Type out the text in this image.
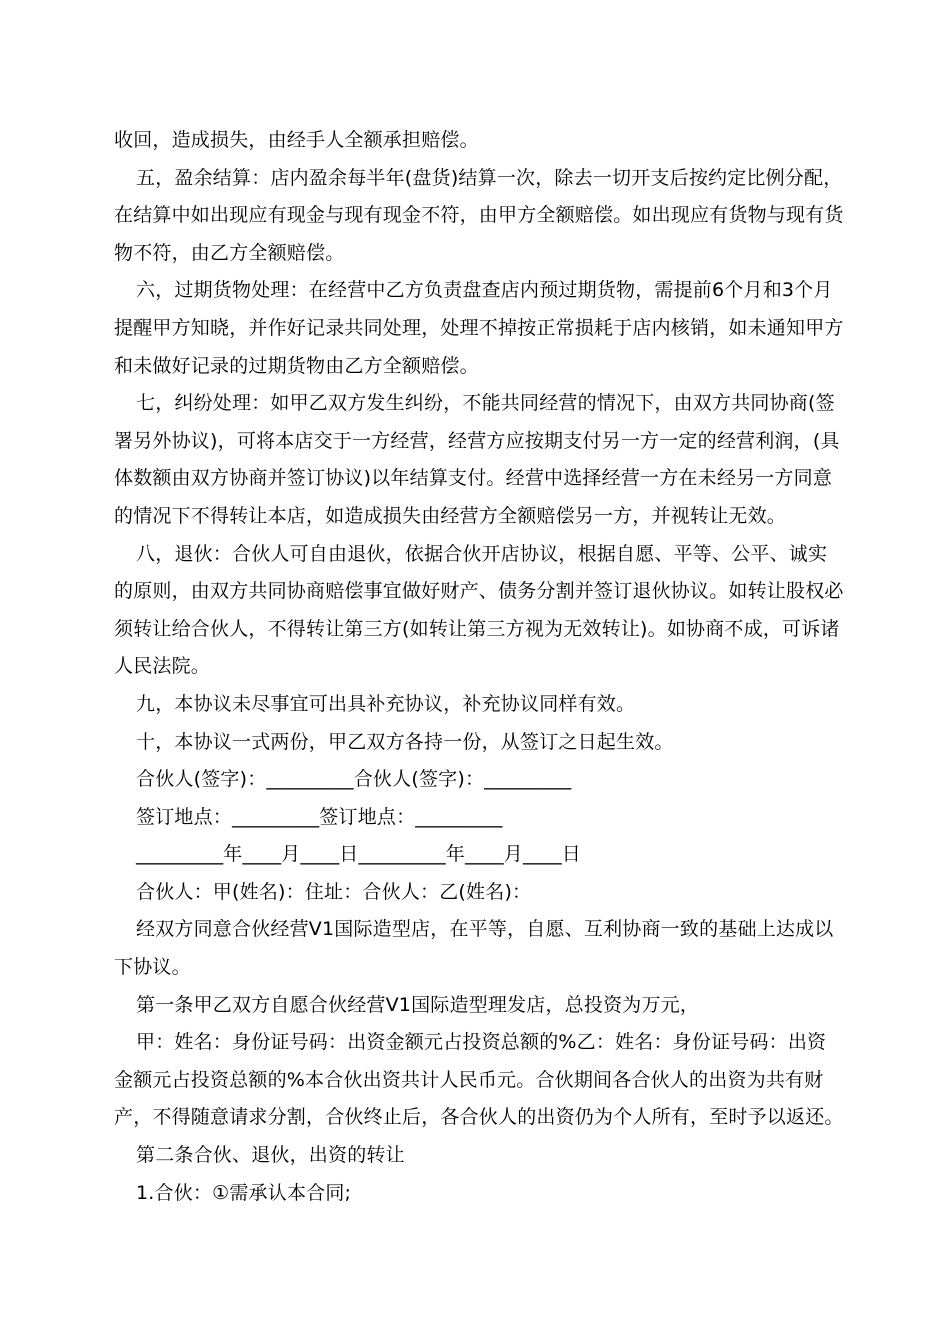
收回，造成损失，由经手人全额承担赔偿。

五，盈余结算：店内盈余每半年(盘货)结算一次，除去一切开支后按约定比例分配，在结算中如出现应有现金与现有现金不符，由甲方全额赔偿。如出现应有货物与现有货物不符，由乙方全额赔偿。

六，过期货物处理：在经营中乙方负责盘查店内预过期货物，需提前6个月和3个月提醒甲方知晓，并作好记录共同处理，处理不掉按正常损耗于店内核销，如未通知甲方和未做好记录的过期货物由乙方全额赔偿。

七，纠纷处理：如甲乙双方发生纠纷，不能共同经营的情况下，由双方共同协商(签署另外协议)，可将本店交于一方经营，经营方应按期支付另一方一定的经营利润，(具体数额由双方协商并签订协议)以年结算支付。经营中选择经营一方在未经另一方同意的情况下不得转让本店，如造成损失由经营方全额赔偿另一方，并视转让无效。

八，退伙：合伙人可自由退伙，依据合伙开店协议，根据自愿、平等、公平、诚实的原则，由双方共同协商赔偿事宜做好财产、债务分割并签订退伙协议。如转让股权必须转让给合伙人，不得转让第三方(如转让第三方视为无效转让)。如协商不成，可诉诸人民法院。

九，本协议未尽事宜可出具补充协议，补充协议同样有效。

十，本协议一式两份，甲乙双方各持一份，从签订之日起生效。

合伙人(签字)：_________合伙人(签字)：_________

签订地点：_________签订地点：_________

_________年____月____日_________年____月____日

合伙人：甲(姓名)：住址：合伙人：乙(姓名)：

经双方同意合伙经营V1国际造型店，在平等，自愿、互利协商一致的基础上达成以下协议。

第一条甲乙双方自愿合伙经营V1国际造型理发店，总投资为万元，

甲：姓名：身份证号码：出资金额元占投资总额的%乙：姓名：身份证号码：出资金额元占投资总额的%本合伙出资共计人民币元。合伙期间各合伙人的出资为共有财产，不得随意请求分割，合伙终止后，各合伙人的出资仍为个人所有，至时予以返还。

第二条合伙、退伙，出资的转让

1.合伙：①需承认本合同;
